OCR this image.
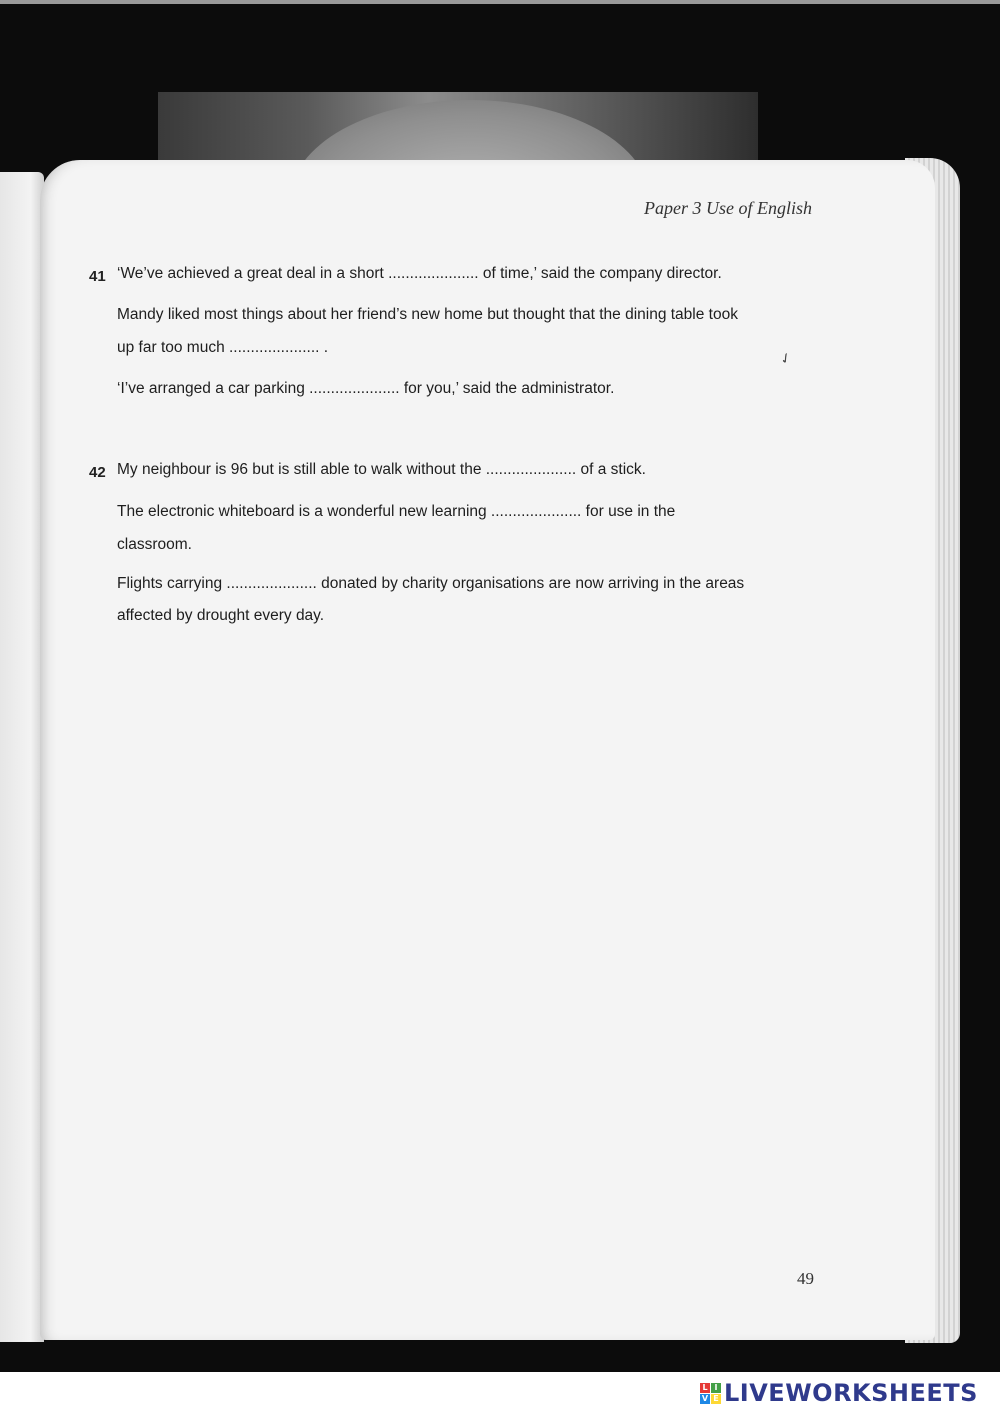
Paper 3 Use of English
41 ‘We’ve achieved a great deal in a short ..................... of time,’ said the company director.
Mandy liked most things about her friend’s new home but thought that the dining table took
up far too much ..................... .
‘I’ve arranged a car parking ..................... for you,’ said the administrator.
✓
42 My neighbour is 96 but is still able to walk without the ..................... of a stick.
The electronic whiteboard is a wonderful new learning ..................... for use in the
classroom.
Flights carrying ..................... donated by charity organisations are now arriving in the areas
affected by drought every day.
49
L I
V E LIVEWORKSHEETS
